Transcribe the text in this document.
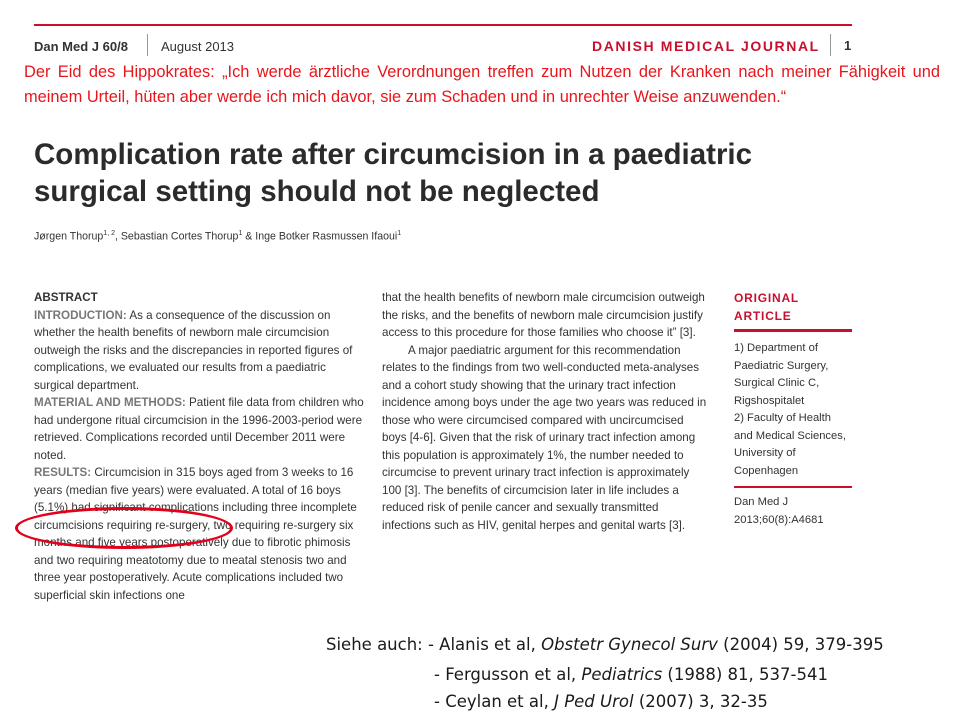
Dan Med J 60/8	August 2013	DANISH MEDICAL JOURNAL 1
Der Eid des Hippokrates: „Ich werde ärztliche Verordnungen treffen zum Nutzen der Kranken nach meiner Fähigkeit und meinem Urteil, hüten aber werde ich mich davor, sie zum Schaden und in unrechter Weise anzuwenden.“
Complication rate after circumcision in a paediatric surgical setting should not be neglected
Jørgen Thorup$^{1, 2}$, Sebastian Cortes Thorup$^1$ & Inge Botker Rasmussen Ifaoui$^1$
ABSTRACT
INTRODUCTION: As a consequence of the discussion on whether the health benefits of newborn male circumcision outweigh the risks and the discrepancies in reported figures of complications, we evaluated our results from a paediatric surgical department.
MATERIAL AND METHODS: Patient file data from children who had undergone ritual circumcision in the 1996-2003-period were retrieved. Complications recorded until December 2011 were noted.
RESULTS: Circumcision in 315 boys aged from 3 weeks to 16 years (median five years) were evaluated. A total of 16 boys (5.1%) had significant complications including three incomplete circumcisions requiring re-surgery, two requiring re-surgery six months and five years postoperatively due to fibrotic phimosis and two requiring meatotomy due to meatal stenosis two and three year postoperatively. Acute complications included two superficial skin infections one
that the health benefits of newborn male circumcision outweigh the risks, and the benefits of newborn male circumcision justify access to this procedure for those families who choose it” [3].
A major paediatric argument for this recommendation relates to the findings from two well-conducted meta-analyses and a cohort study showing that the urinary tract infection incidence among boys under the age two years was reduced in those who were circumcised compared with uncircumcised boys [4-6]. Given that the risk of urinary tract infection among this population is approximately 1%, the number needed to circumcise to prevent urinary tract infection is approximately 100 [3]. The benefits of circumcision later in life includes a reduced risk of penile cancer and sexually transmitted infections such as HIV, genital herpes and genital warts [3].
ORIGINAL
ARTICLE
1) Department of Paediatric Surgery, Surgical Clinic C, Rigshospitalet
2) Faculty of Health and Medical Sciences, University of Copenhagen
Dan Med J 2013;60(8):A4681
Siehe auch: - Alanis et al, Obstetr Gynecol Surv (2004) 59, 379-395
- Fergusson et al, Pediatrics (1988) 81, 537-541
- Ceylan et al, J Ped Urol (2007) 3, 32-35
